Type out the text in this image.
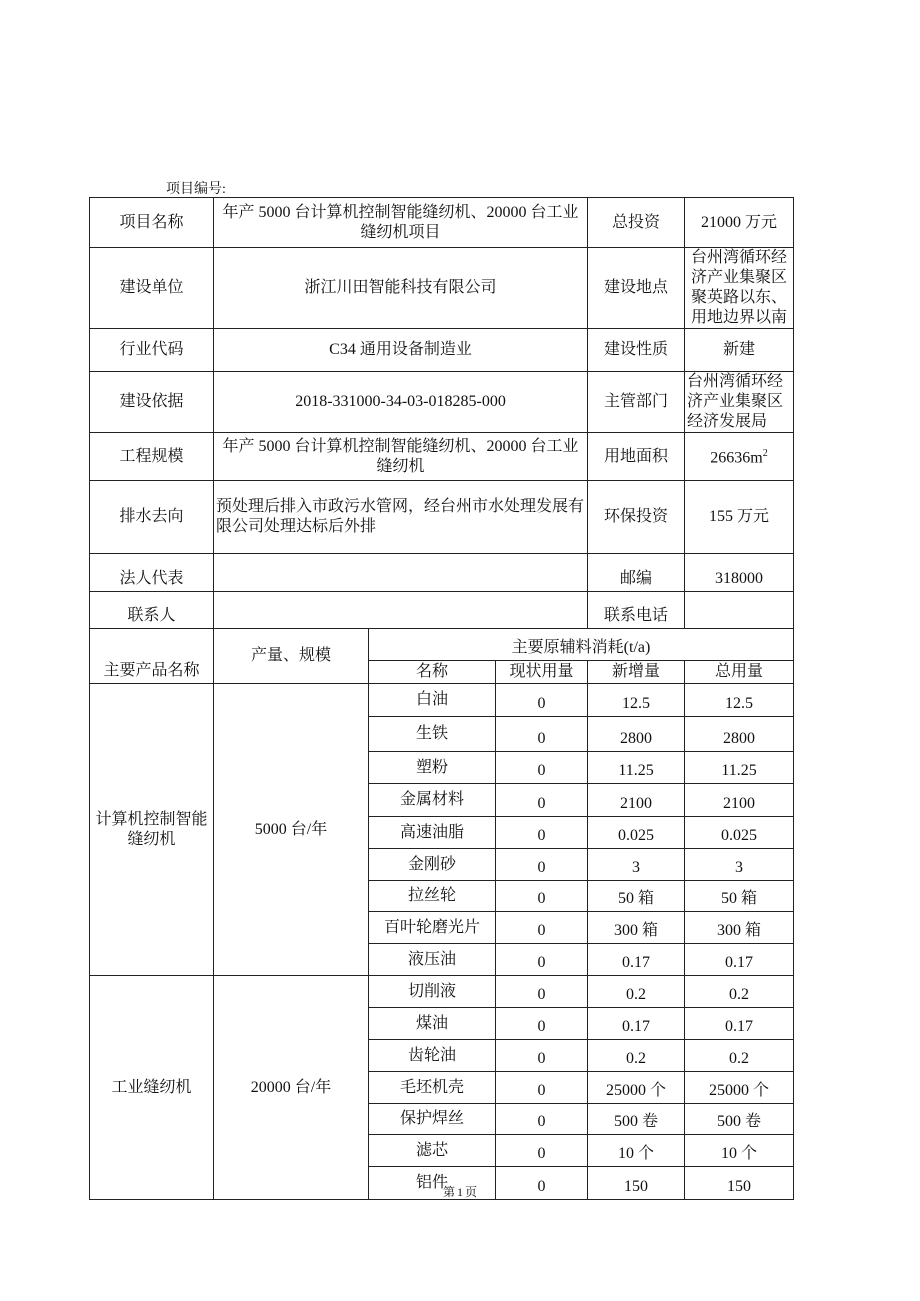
项目编号:
项目名称	年产 5000 台计算机控制智能缝纫机、20000 台工业缝纫机项目			总投资	21000 万元
建设单位	浙江川田智能科技有限公司			建设地点	台州湾循环经济产业集聚区聚英路以东、用地边界以南
行业代码	C34 通用设备制造业			建设性质	新建
建设依据	2018-331000-34-03-018285-000			主管部门	台州湾循环经济产业集聚区经济发展局
工程规模	年产 5000 台计算机控制智能缝纫机、20000 台工业缝纫机			用地面积	$26636m^2$
排水去向	预处理后排入市政污水管网，经台州市水处理发展有限公司处理达标后外排			环保投资	155 万元
法人代表				邮编	318000
联系人				联系电话	
主要产品名称	产量、规模	主要原辅料消耗(t/a)			
		名称	现状用量	新增量	总用量
计算机控制智能缝纫机	5000 台/年	白油	0	12.5	12.5
		生铁	0	2800	2800
		塑粉	0	11.25	11.25
		金属材料	0	2100	2100
		高速油脂	0	0.025	0.025
		金刚砂	0	3	3
		拉丝轮	0	50 箱	50 箱
		百叶轮磨光片	0	300 箱	300 箱
		液压油	0	0.17	0.17
工业缝纫机	20000 台/年	切削液	0	0.2	0.2
		煤油	0	0.17	0.17
		齿轮油	0	0.2	0.2
		毛坯机壳	0	25000 个	25000 个
		保护焊丝	0	500 卷	500 卷
		滤芯	0	10 个	10 个
		铝件	0	150	150
第 1 页
